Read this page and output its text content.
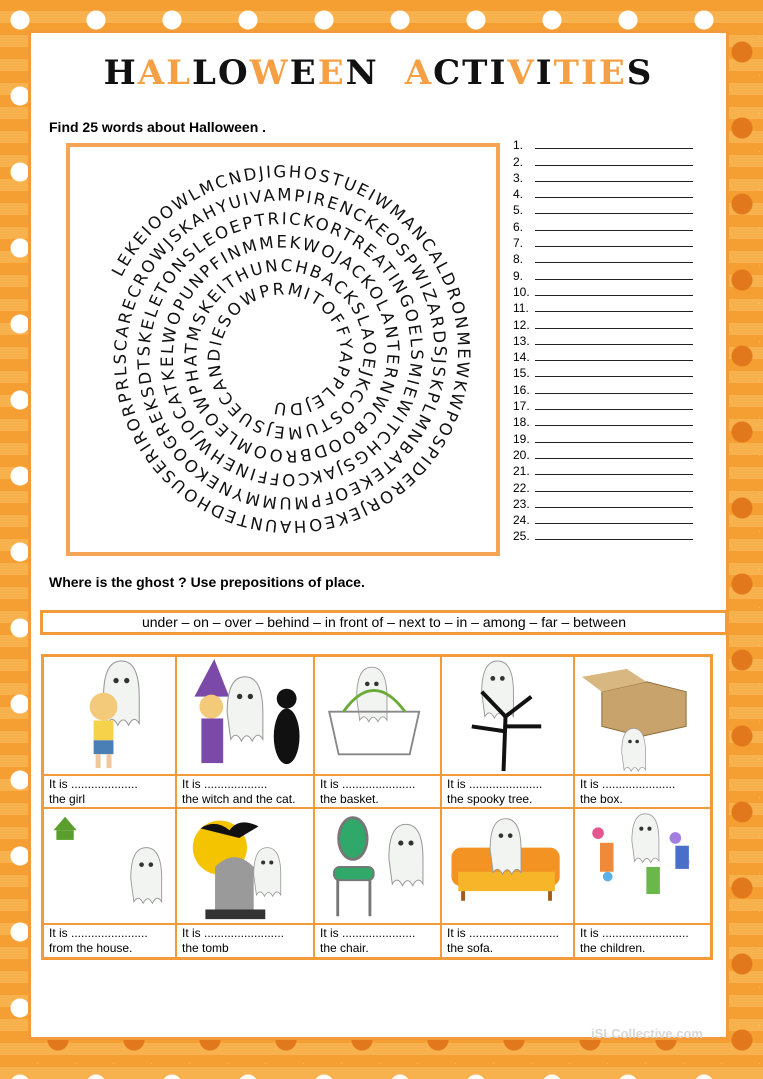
HALLOWEEN ACTIVITIES
Find 25 words about Halloween .
LEKEIOOWLMCNDJIGHOSTUEIWMANCALDRONMEWKWPOSPIDERORJEKEOHAUNTEDHOUSERIRORPRLSCARECROWJSKAHYUIVAMPIRENCKEOSPWIZARDSJSKPLMNBATEKEOFPMUMMYNEKOOGREKSDTSKELETONSLEOEPTRICKORTREATINGOELSMIEWITCHGSJAKCOFFINEHWJOCATKELWOPUNPFINMMEKWOJACKOLANTERNWCBOODBROOMLEOWPHATMSKEITHUNCHBACKSLAOEJKCOSTUMEJSUECANDIESOWPRMITOFFYAPPLEJDU
1.
2.
3.
4.
5.
6.
7.
8.
9.
10.
11.
12.
13.
14.
15.
16.
17.
18.
19.
20.
21.
22.
23.
24.
25.
Where is the ghost ? Use prepositions of place.
under – on – over – behind – in front of – next to – in – among – far – between
It is ....................
the girl
It is ...................
the witch and the cat.
It is ......................
the basket.
It is ......................
the spooky tree.
It is ......................
the box.
It is .......................
from the house.
It is ........................
the tomb
It is ......................
the chair.
It is ...........................
the sofa.
It is ..........................
the children.
iSLCollective.com
